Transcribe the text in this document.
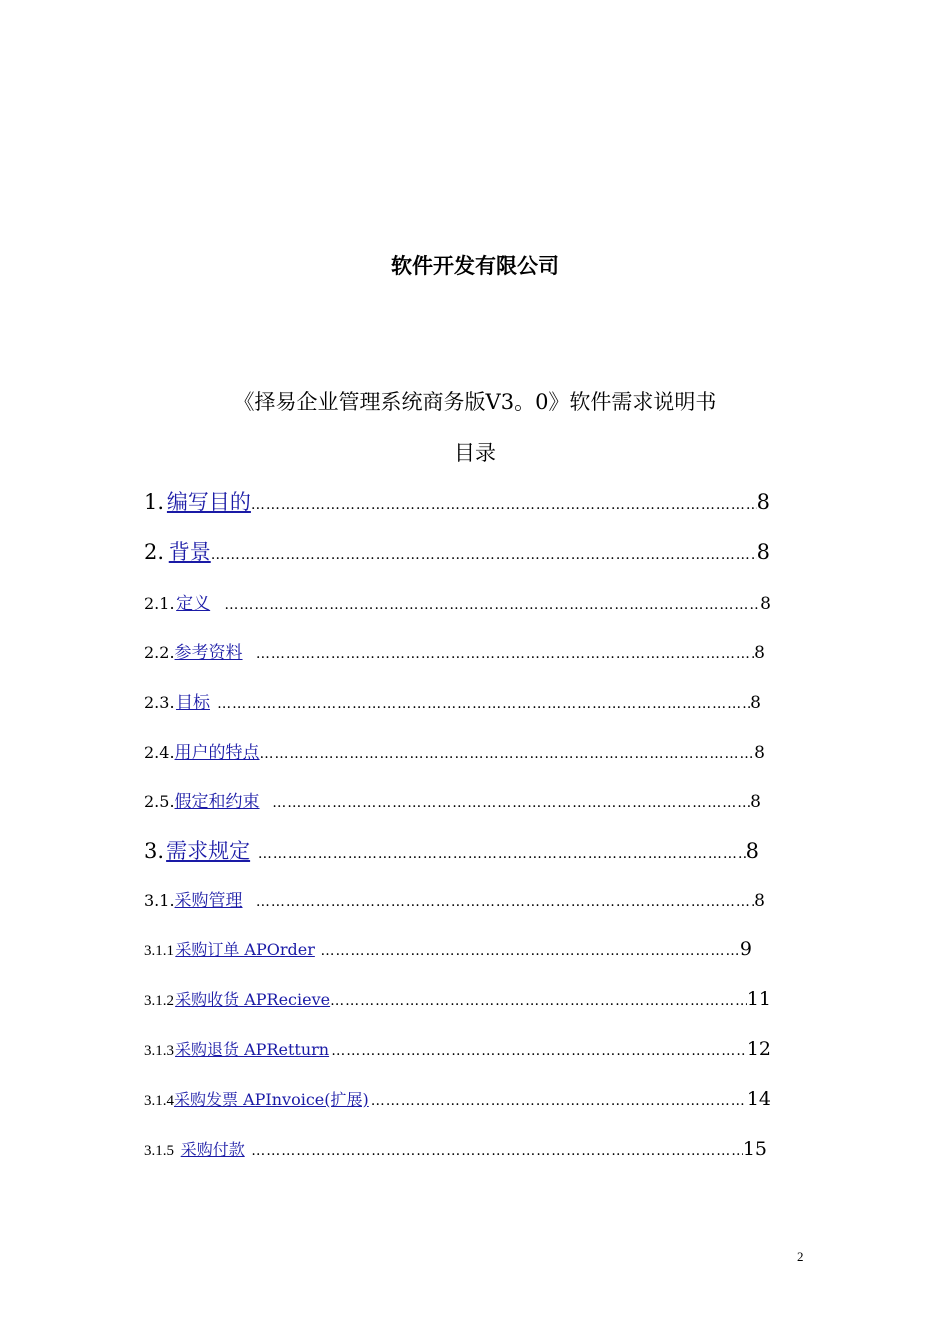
软件开发有限公司
《择易企业管理系统商务版V3。0》软件需求说明书
目录
1. 编写目的 ……………………………………………………………………………………………………………………………………	8
2. 背景 ……………………………………………………………………………………………………………………………………	8
2.1. 定义 ……………………………………………………………………………………………………………………………………	8
2.2. 参考资料 ……………………………………………………………………………………………………………………………………	8
2.3. 目标 ……………………………………………………………………………………………………………………………………	8
2.4. 用户的特点 ……………………………………………………………………………………………………………………………………	8
2.5. 假定和约束 ……………………………………………………………………………………………………………………………………	8
3. 需求规定 ……………………………………………………………………………………………………………………………………	8
3.1. 采购管理 ……………………………………………………………………………………………………………………………………	8
3.1.1 采购订单 APOrder ……………………………………………………………………………………………………………………………………	9
3.1.2 采购收货 APRecieve ……………………………………………………………………………………………………………………………………	11
3.1.3 采购退货 APRetturn ……………………………………………………………………………………………………………………………………	12
3.1.4 采购发票 APInvoice(扩展) ……………………………………………………………………………………………………………………………………	14
3.1.5 采购付款 ……………………………………………………………………………………………………………………………………	15
2
